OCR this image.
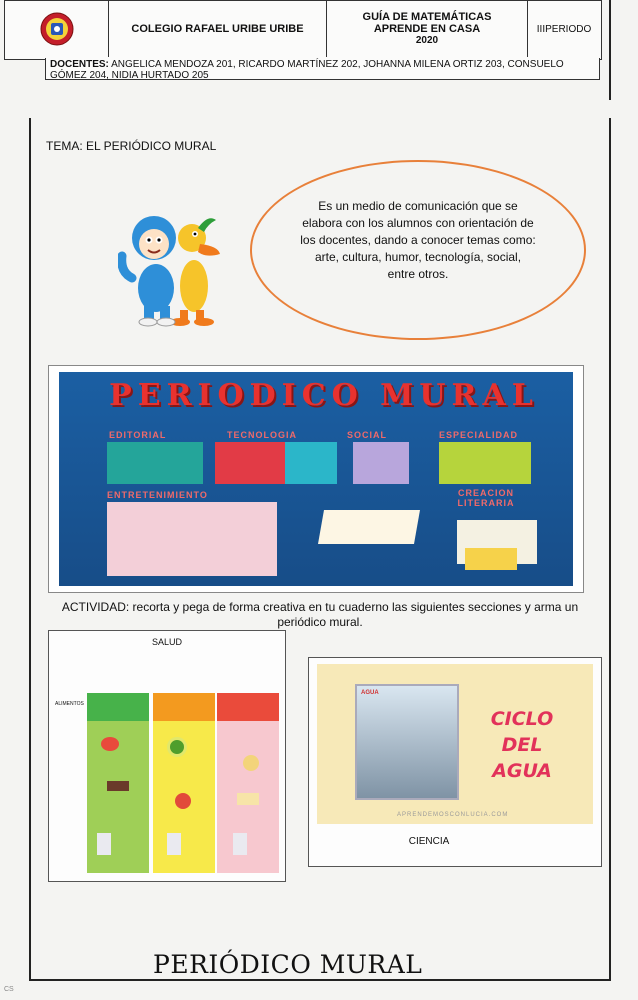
COLEGIO RAFAEL URIBE URIBE
GUÍA DE MATEMÁTICAS
APRENDE EN CASA
2020
IIIPERIODO
DOCENTES: ANGELICA MENDOZA 201, RICARDO MARTÍNEZ 202, JOHANNA MILENA ORTIZ 203, CONSUELO GÓMEZ 204, NIDIA HURTADO 205
TEMA: EL PERIÓDICO MURAL
Es un medio de comunicación que se elabora con los alumnos con orientación de los docentes, dando a conocer temas como: arte, cultura, humor, tecnología, social, entre otros.
PERIODICO MURAL
EDITORIAL	TECNOLOGIA	SOCIAL	ESPECIALIDAD
ENTRETENIMIENTO	CREACION LITERARIA
ACTIVIDAD: recorta y pega de forma creativa en tu cuaderno las siguientes secciones y arma un periódico mural.
SALUD
ALIMENTOS
AGUA
CICLO
DEL
AGUA
APRENDEMOSCONLUCIA.COM
CIENCIA
PERIÓDICO MURAL
CS
